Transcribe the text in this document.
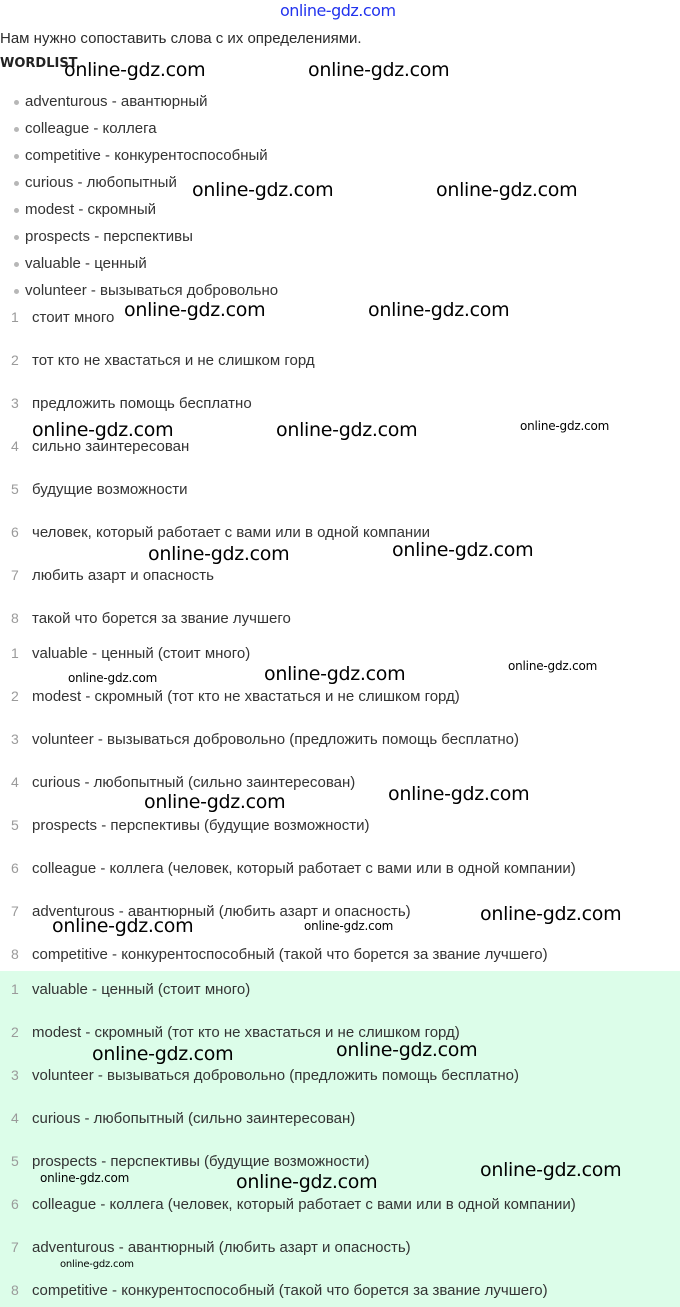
online-gdz.com
Нам нужно сопоставить слова с их определениями.
WORDLIST
adventurous - авантюрный
colleague - коллега
competitive - конкурентоспособный
curious - любопытный
modest - скромный
prospects - перспективы
valuable - ценный
volunteer - вызываться добровольно
1 стоит много
2 тот кто не хвастаться и не слишком горд
3 предложить помощь бесплатно
4 сильно заинтересован
5 будущие возможности
6 человек, который работает с вами или в одной компании
7 любить азарт и опасность
8 такой что борется за звание лучшего
1 valuable - ценный (стоит много)
2 modest - скромный (тот кто не хвастаться и не слишком горд)
3 volunteer - вызываться добровольно (предложить помощь бесплатно)
4 curious - любопытный (сильно заинтересован)
5 prospects - перспективы (будущие возможности)
6 colleague - коллега (человек, который работает с вами или в одной компании)
7 adventurous - авантюрный (любить азарт и опасность)
8 competitive - конкурентоспособный (такой что борется за звание лучшего)
1 valuable - ценный (стоит много)
2 modest - скромный (тот кто не хвастаться и не слишком горд)
3 volunteer - вызываться добровольно (предложить помощь бесплатно)
4 curious - любопытный (сильно заинтересован)
5 prospects - перспективы (будущие возможности)
6 colleague - коллега (человек, который работает с вами или в одной компании)
7 adventurous - авантюрный (любить азарт и опасность)
8 competitive - конкурентоспособный (такой что борется за звание лучшего)
online-gdz.com	online-gdz.com
online-gdz.com	online-gdz.com
online-gdz.com	online-gdz.com
online-gdz.com	online-gdz.com	online-gdz.com
online-gdz.com	online-gdz.com
online-gdz.com	online-gdz.com
online-gdz.com
online-gdz.com	online-gdz.com
online-gdz.com
online-gdz.com	online-gdz.com
online-gdz.com	online-gdz.com
online-gdz.com
online-gdz.com	online-gdz.com
online-gdz.com
